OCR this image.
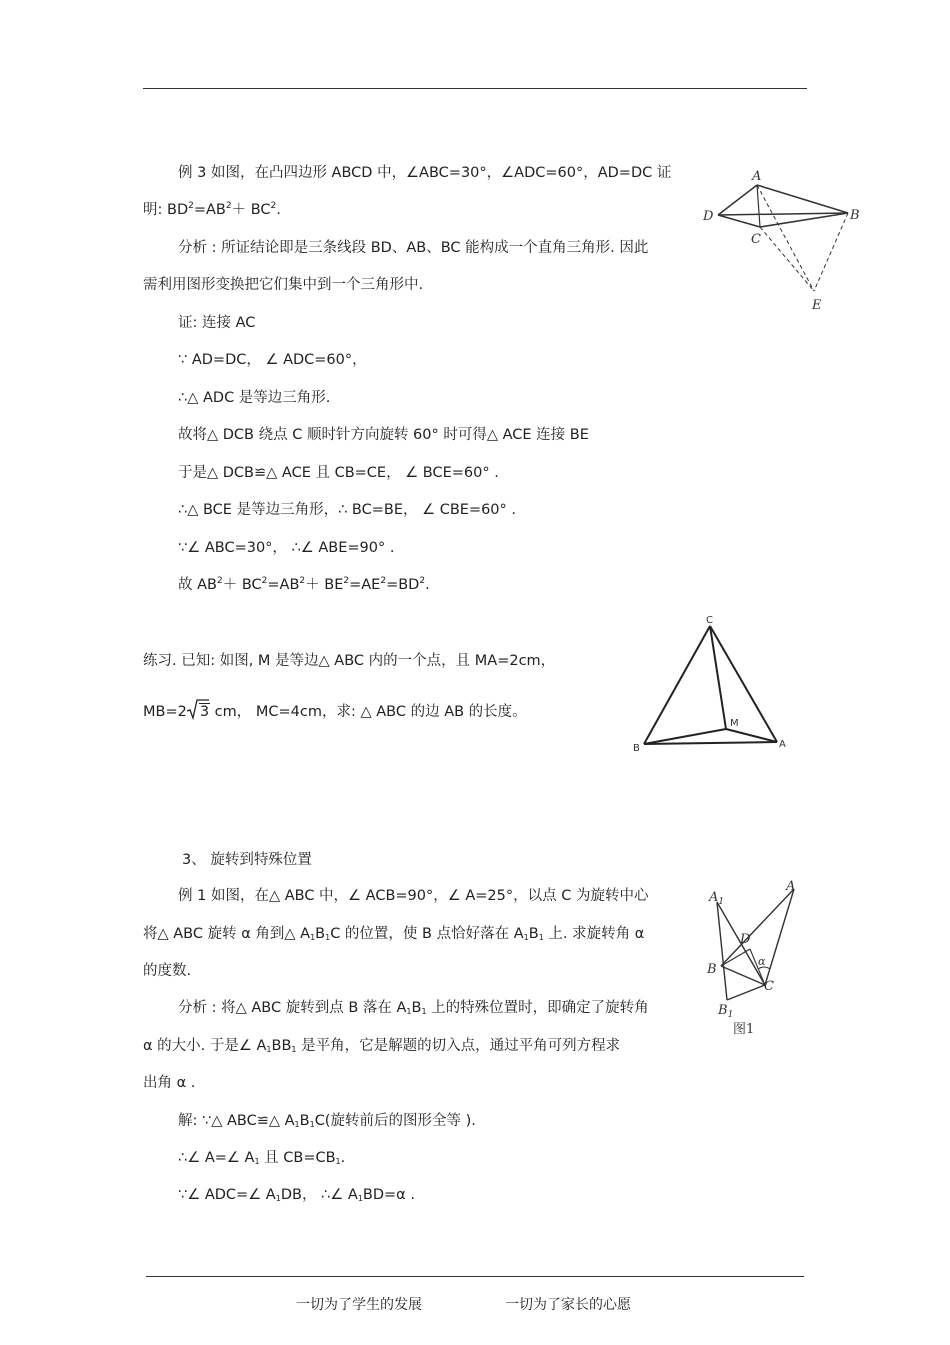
例 3 如图，在凸四边形 ABCD 中，∠ABC=30°，∠ADC=60°，AD=DC 证
明: $BD^2=AB^2+ BC^2$.
分析 : 所证结论即是三条线段 BD、AB、BC 能构成一个直角三角形. 因此
需利用图形变换把它们集中到一个三角形中.
证: 连接 AC
∵ AD=DC， ∠ ADC=60°，
∴△ ADC 是等边三角形.
故将△ DCB 绕点 C 顺时针方向旋转 60° 时可得△ ACE 连接 BE
于是△ DCB≌△ ACE 且 CB=CE， ∠ BCE=60° .
∴△ BCE 是等边三角形，∴ BC=BE， ∠ CBE=60° .
∵∠ ABC=30°， ∴∠ ABE=90° .
故 $AB^2+ BC^2=AB^2+ BE^2=AE^2=BD^2$.
A
D	B
C
E
练习. 已知: 如图, M 是等边△ ABC 内的一个点，且 MA=2cm，
MB=2 3 cm， MC=4cm，求: △ ABC 的边 AB 的长度。
C
M
B	A
3、 旋转到特殊位置
例 1 如图，在△ ABC 中，∠ ACB=90°，∠ A=25°，以点 C 为旋转中心
将△ ABC 旋转 α 角到△ $A_1B_1C$ 的位置，使 B 点恰好落在 $A_1B_1$ 上. 求旋转角 α
的度数.
分析 : 将△ ABC 旋转到点 B 落在 $A_1B_1$ 上的特殊位置时，即确定了旋转角
α 的大小. 于是∠ $A_1BB_1$ 是平角，它是解题的切入点，通过平角可列方程求
出角 α .
解: ∵△ ABC≌△ $A_1B_1C$(旋转前后的图形全等 ).
∴∠ A=∠ $A_1$ 且 $CB=CB_1$.
∵∠ ADC=∠ $A_1DB$， ∴∠ $A_1BD=\alpha$ .
$A_1$
A
D
α
B
C
$B_1$
图1
一切为了学生的发展	一切为了家长的心愿
